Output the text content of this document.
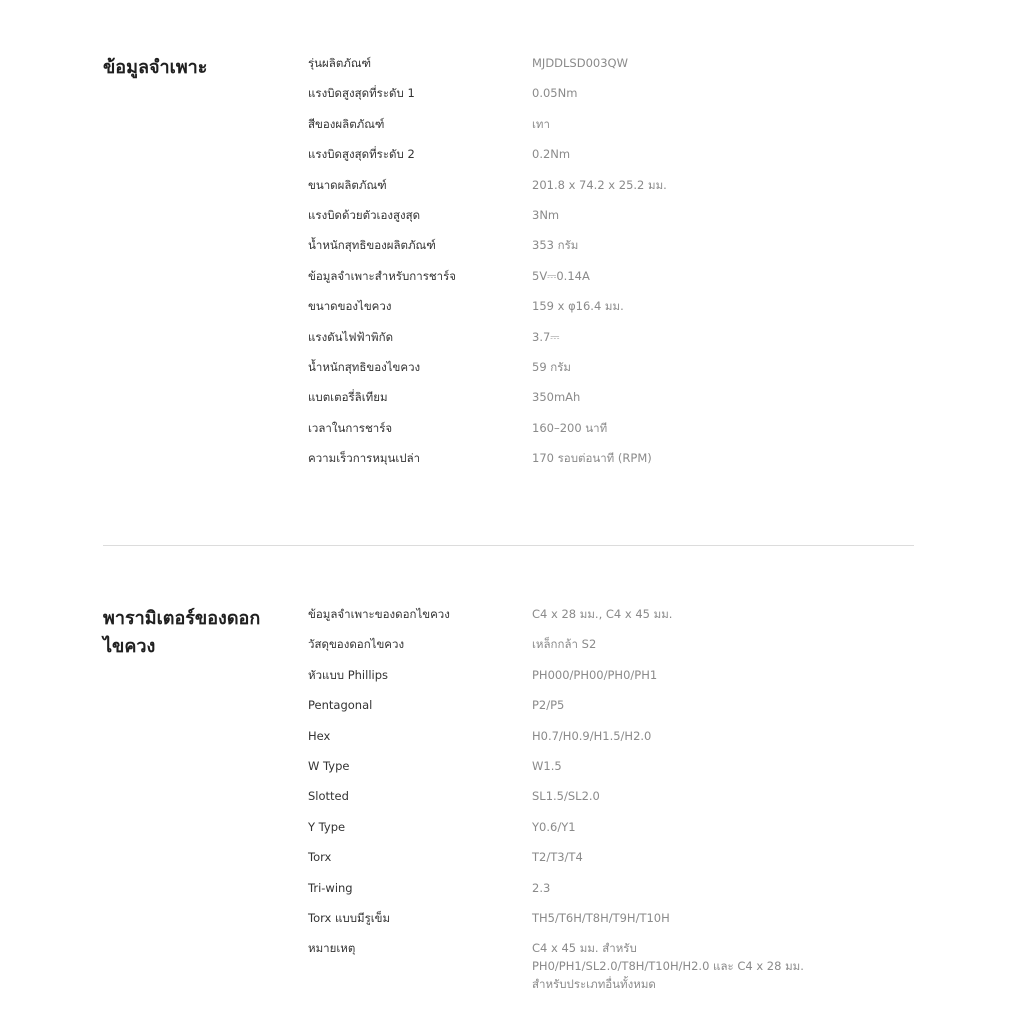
ข้อมูลจำเพาะ	รุ่นผลิตภัณฑ์	MJDDLSD003QW
แรงบิดสูงสุดที่ระดับ 1	0.05Nm
สีของผลิตภัณฑ์	เทา
แรงบิดสูงสุดที่ระดับ 2	0.2Nm
ขนาดผลิตภัณฑ์	201.8 x 74.2 x 25.2 มม.
แรงบิดด้วยตัวเองสูงสุด	3Nm
น้ำหนักสุทธิของผลิตภัณฑ์	353 กรัม
ข้อมูลจำเพาะสำหรับการชาร์จ	5V⎓0.14A
ขนาดของไขควง	159 x φ16.4 มม.
แรงดันไฟฟ้าพิกัด	3.7⎓
น้ำหนักสุทธิของไขควง	59 กรัม
แบตเตอรี่ลิเทียม	350mAh
เวลาในการชาร์จ	160–200 นาที
ความเร็วการหมุนเปล่า	170 รอบต่อนาที (RPM)
พารามิเตอร์ของดอกไขควง
ข้อมูลจำเพาะของดอกไขควง	C4 x 28 มม., C4 x 45 มม.
วัสดุของดอกไขควง	เหล็กกล้า S2
หัวแบบ Phillips	PH000/PH00/PH0/PH1
Pentagonal	P2/P5
Hex	H0.7/H0.9/H1.5/H2.0
W Type	W1.5
Slotted	SL1.5/SL2.0
Y Type	Y0.6/Y1
Torx	T2/T3/T4
Tri-wing	2.3
Torx แบบมีรูเข็ม	TH5/T6H/T8H/T9H/T10H
หมายเหตุ	C4 x 45 มม. สำหรับ
PH0/PH1/SL2.0/T8H/T10H/H2.0 และ C4 x 28 มม.
สำหรับประเภทอื่นทั้งหมด
